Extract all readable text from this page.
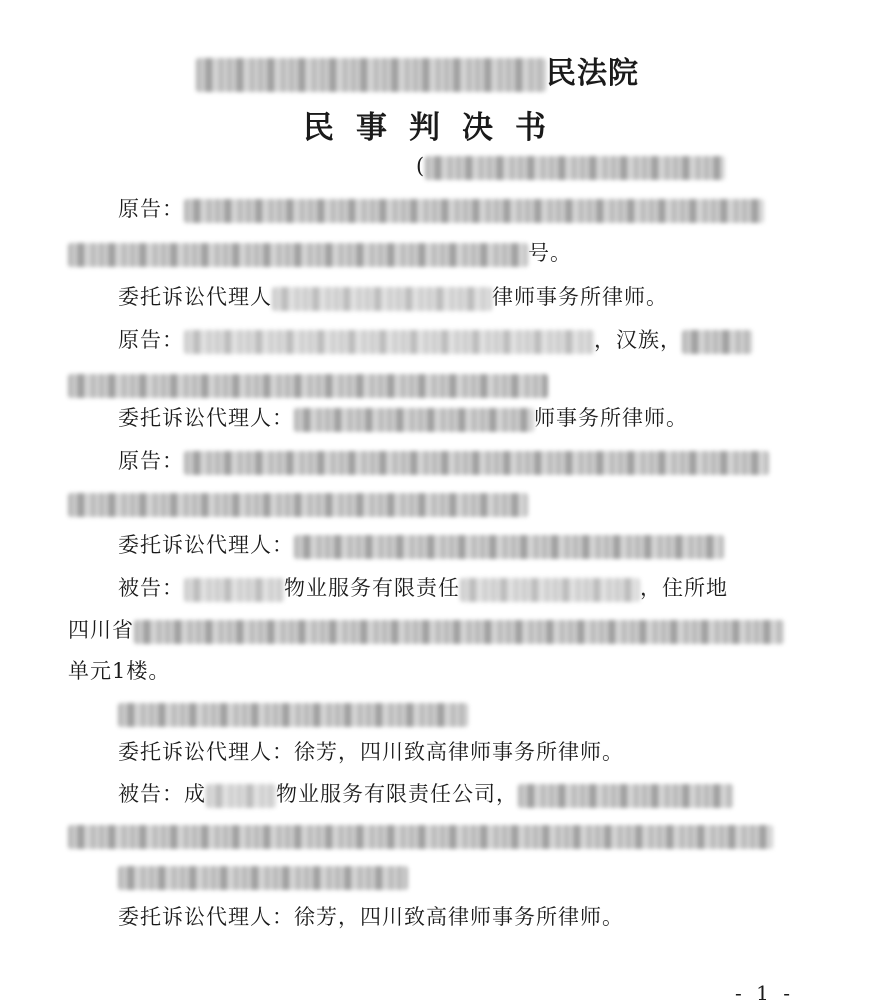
民法院
民事判决书
(
原告：
号。
委托诉讼代理人	律师事务所律师。
原告：	，汉族，
委托诉讼代理人：	师事务所律师。
原告：
委托诉讼代理人：
被告：	物业服务有限责任	，住所地
四川省
单元1楼。
委托诉讼代理人：徐芳，四川致高律师事务所律师。
被告：成	物业服务有限责任公司，
委托诉讼代理人：徐芳，四川致高律师事务所律师。
- 1 -
